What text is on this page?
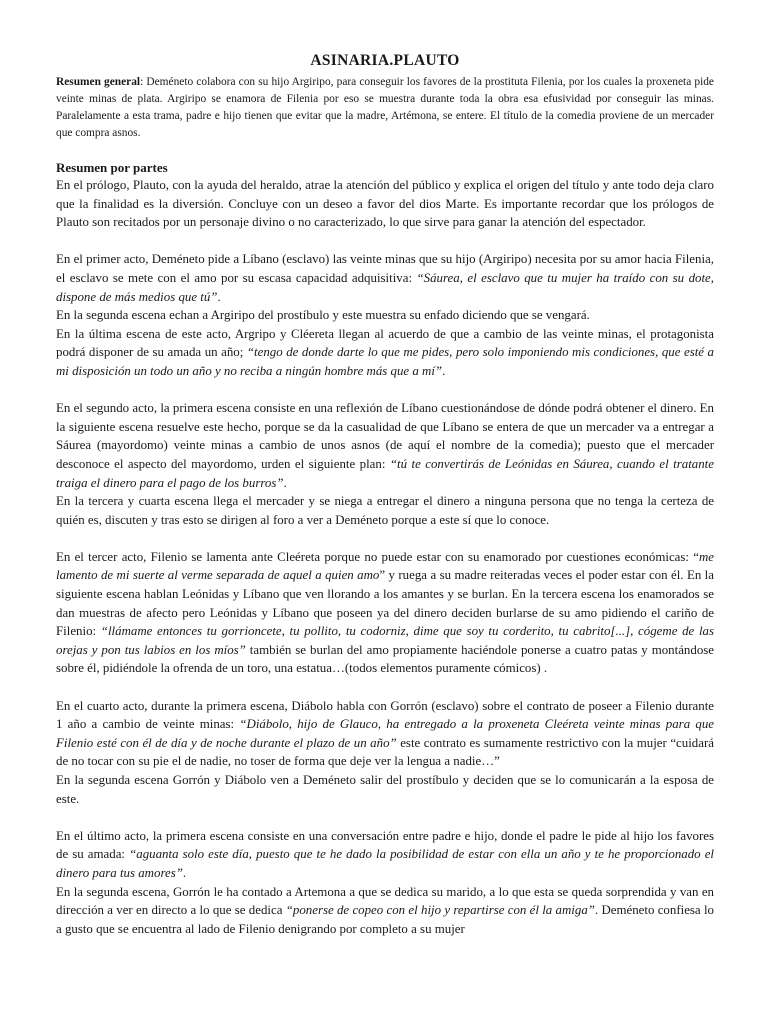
ASINARIA.PLAUTO

Resumen general: Deméneto colabora con su hijo Argiripo, para conseguir los favores de la prostituta Filenia, por los cuales la proxeneta pide veinte minas de plata. Argiripo se enamora de Filenia por eso se muestra durante toda la obra esa efusividad por conseguir las minas. Paralelamente a esta trama, padre e hijo tienen que evitar que la madre, Artémona, se entere. El título de la comedia proviene de un mercader que compra asnos.

Resumen por partes

En el prólogo, Plauto, con la ayuda del heraldo, atrae la atención del público y explica el origen del título y ante todo deja claro que la finalidad es la diversión. Concluye con un deseo a favor del dios Marte. Es importante recordar que los prólogos de Plauto son recitados por un personaje divino o no caracterizado, lo que sirve para ganar la atención del espectador.

En el primer acto, Deméneto pide a Líbano (esclavo) las veinte minas que su hijo (Argiripo) necesita por su amor hacia Filenia, el esclavo se mete con el amo por su escasa capacidad adquisitiva: “Sáurea, el esclavo que tu mujer ha traído con su dote, dispone de más medios que tú”.

En la segunda escena echan a Argiripo del prostíbulo y este muestra su enfado diciendo que se vengará.

En la última escena de este acto, Argripo y Cléereta llegan al acuerdo de que a cambio de las veinte minas, el protagonista podrá disponer de su amada un año; “tengo de donde darte lo que me pides, pero solo imponiendo mis condiciones, que esté a mi disposición un todo un año y no reciba a ningún hombre más que a mí”.

En el segundo acto, la primera escena consiste en una reflexión de Líbano cuestionándose de dónde podrá obtener el dinero. En la siguiente escena resuelve este hecho, porque se da la casualidad de que Líbano se entera de que un mercader va a entregar a Sáurea (mayordomo) veinte minas a cambio de unos asnos (de aquí el nombre de la comedia); puesto que el mercader desconoce el aspecto del mayordomo, urden el siguiente plan: “tú te convertirás de Leónidas en Sáurea, cuando el tratante traiga el dinero para el pago de los burros”.

En la tercera y cuarta escena llega el mercader y se niega a entregar el dinero a ninguna persona que no tenga la certeza de quién es, discuten y tras esto se dirigen al foro a ver a Deméneto porque a este sí que lo conoce.

En el tercer acto, Filenio se lamenta ante Cleéreta porque no puede estar con su enamorado por cuestiones económicas: “me lamento de mi suerte al verme separada de aquel a quien amo” y ruega a su madre reiteradas veces el poder estar con él. En la siguiente escena hablan Leónidas y Líbano que ven llorando a los amantes y se burlan. En la tercera escena los enamorados se dan muestras de afecto pero Leónidas y Líbano que poseen ya del dinero deciden burlarse de su amo pidiendo el cariño de Filenio: “llámame entonces tu gorrioncete, tu pollito, tu codorniz, dime que soy tu corderito, tu cabrito[...], cógeme de las orejas y pon tus labios en los míos” también se burlan del amo propiamente haciéndole ponerse a cuatro patas y montándose sobre él, pidiéndole la ofrenda de un toro, una estatua…(todos elementos puramente cómicos) .

En el cuarto acto, durante la primera escena, Diábolo habla con Gorrón (esclavo) sobre el contrato de poseer a Filenio durante 1 año a cambio de veinte minas: “Diábolo, hijo de Glauco, ha entregado a la proxeneta Cleéreta veinte minas para que Filenio esté con él de día y de noche durante el plazo de un año” este contrato es sumamente restrictivo con la mujer “cuidará de no tocar con su pie el de nadie, no toser de forma que deje ver la lengua a nadie…”

En la segunda escena Gorrón y Diábolo ven a Deméneto salir del prostíbulo y deciden que se lo comunicarán a la esposa de este.

En el último acto, la primera escena consiste en una conversación entre padre e hijo, donde el padre le pide al hijo los favores de su amada: “aguanta solo este día, puesto que te he dado la posibilidad de estar con ella un año y te he proporcionado el dinero para tus amores”.

En la segunda escena, Gorrón le ha contado a Artemona a que se dedica su marido, a lo que esta se queda sorprendida y van en dirección a ver en directo a lo que se dedica “ponerse de copeo con el hijo y repartirse con él la amiga”. Deméneto confiesa lo a gusto que se encuentra al lado de Filenio denigrando por completo a su mujer
